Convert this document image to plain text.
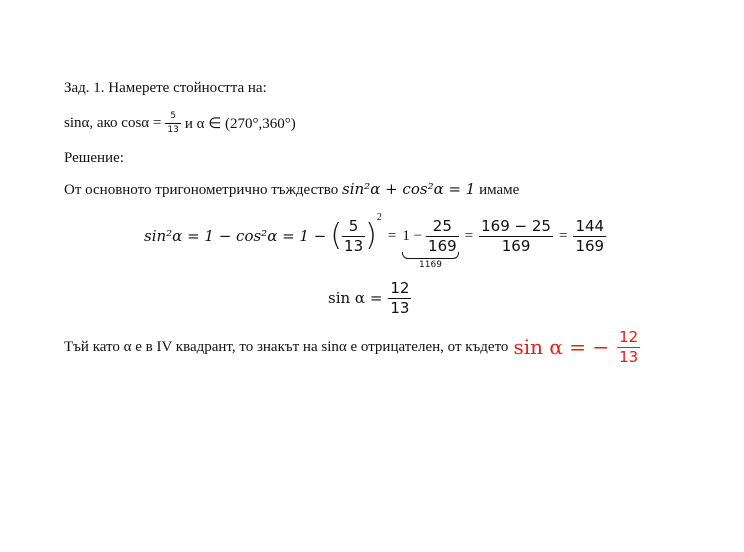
Зад. 1. Намерете стойността на:
sinα, ако $\cos\alpha = \frac{5}{13}$ и α ∈ (270°,360°)
Решение:
От основното тригонометрично тъждество sin²α + cos²α = 1 имаме
sin²α = 1 − cos²α = 1 − ( $\frac{5}{13}$ )
2
= $1 - \frac{25}{169}$
1169
= $\frac{169 - 25}{169} = \frac{144}{169}$
$\sin \alpha = \frac{12}{13}$
Тъй като α е в IV квадрант, то знакът на sinα е отрицателен, от където sin α = − $\frac{12}{13}$
